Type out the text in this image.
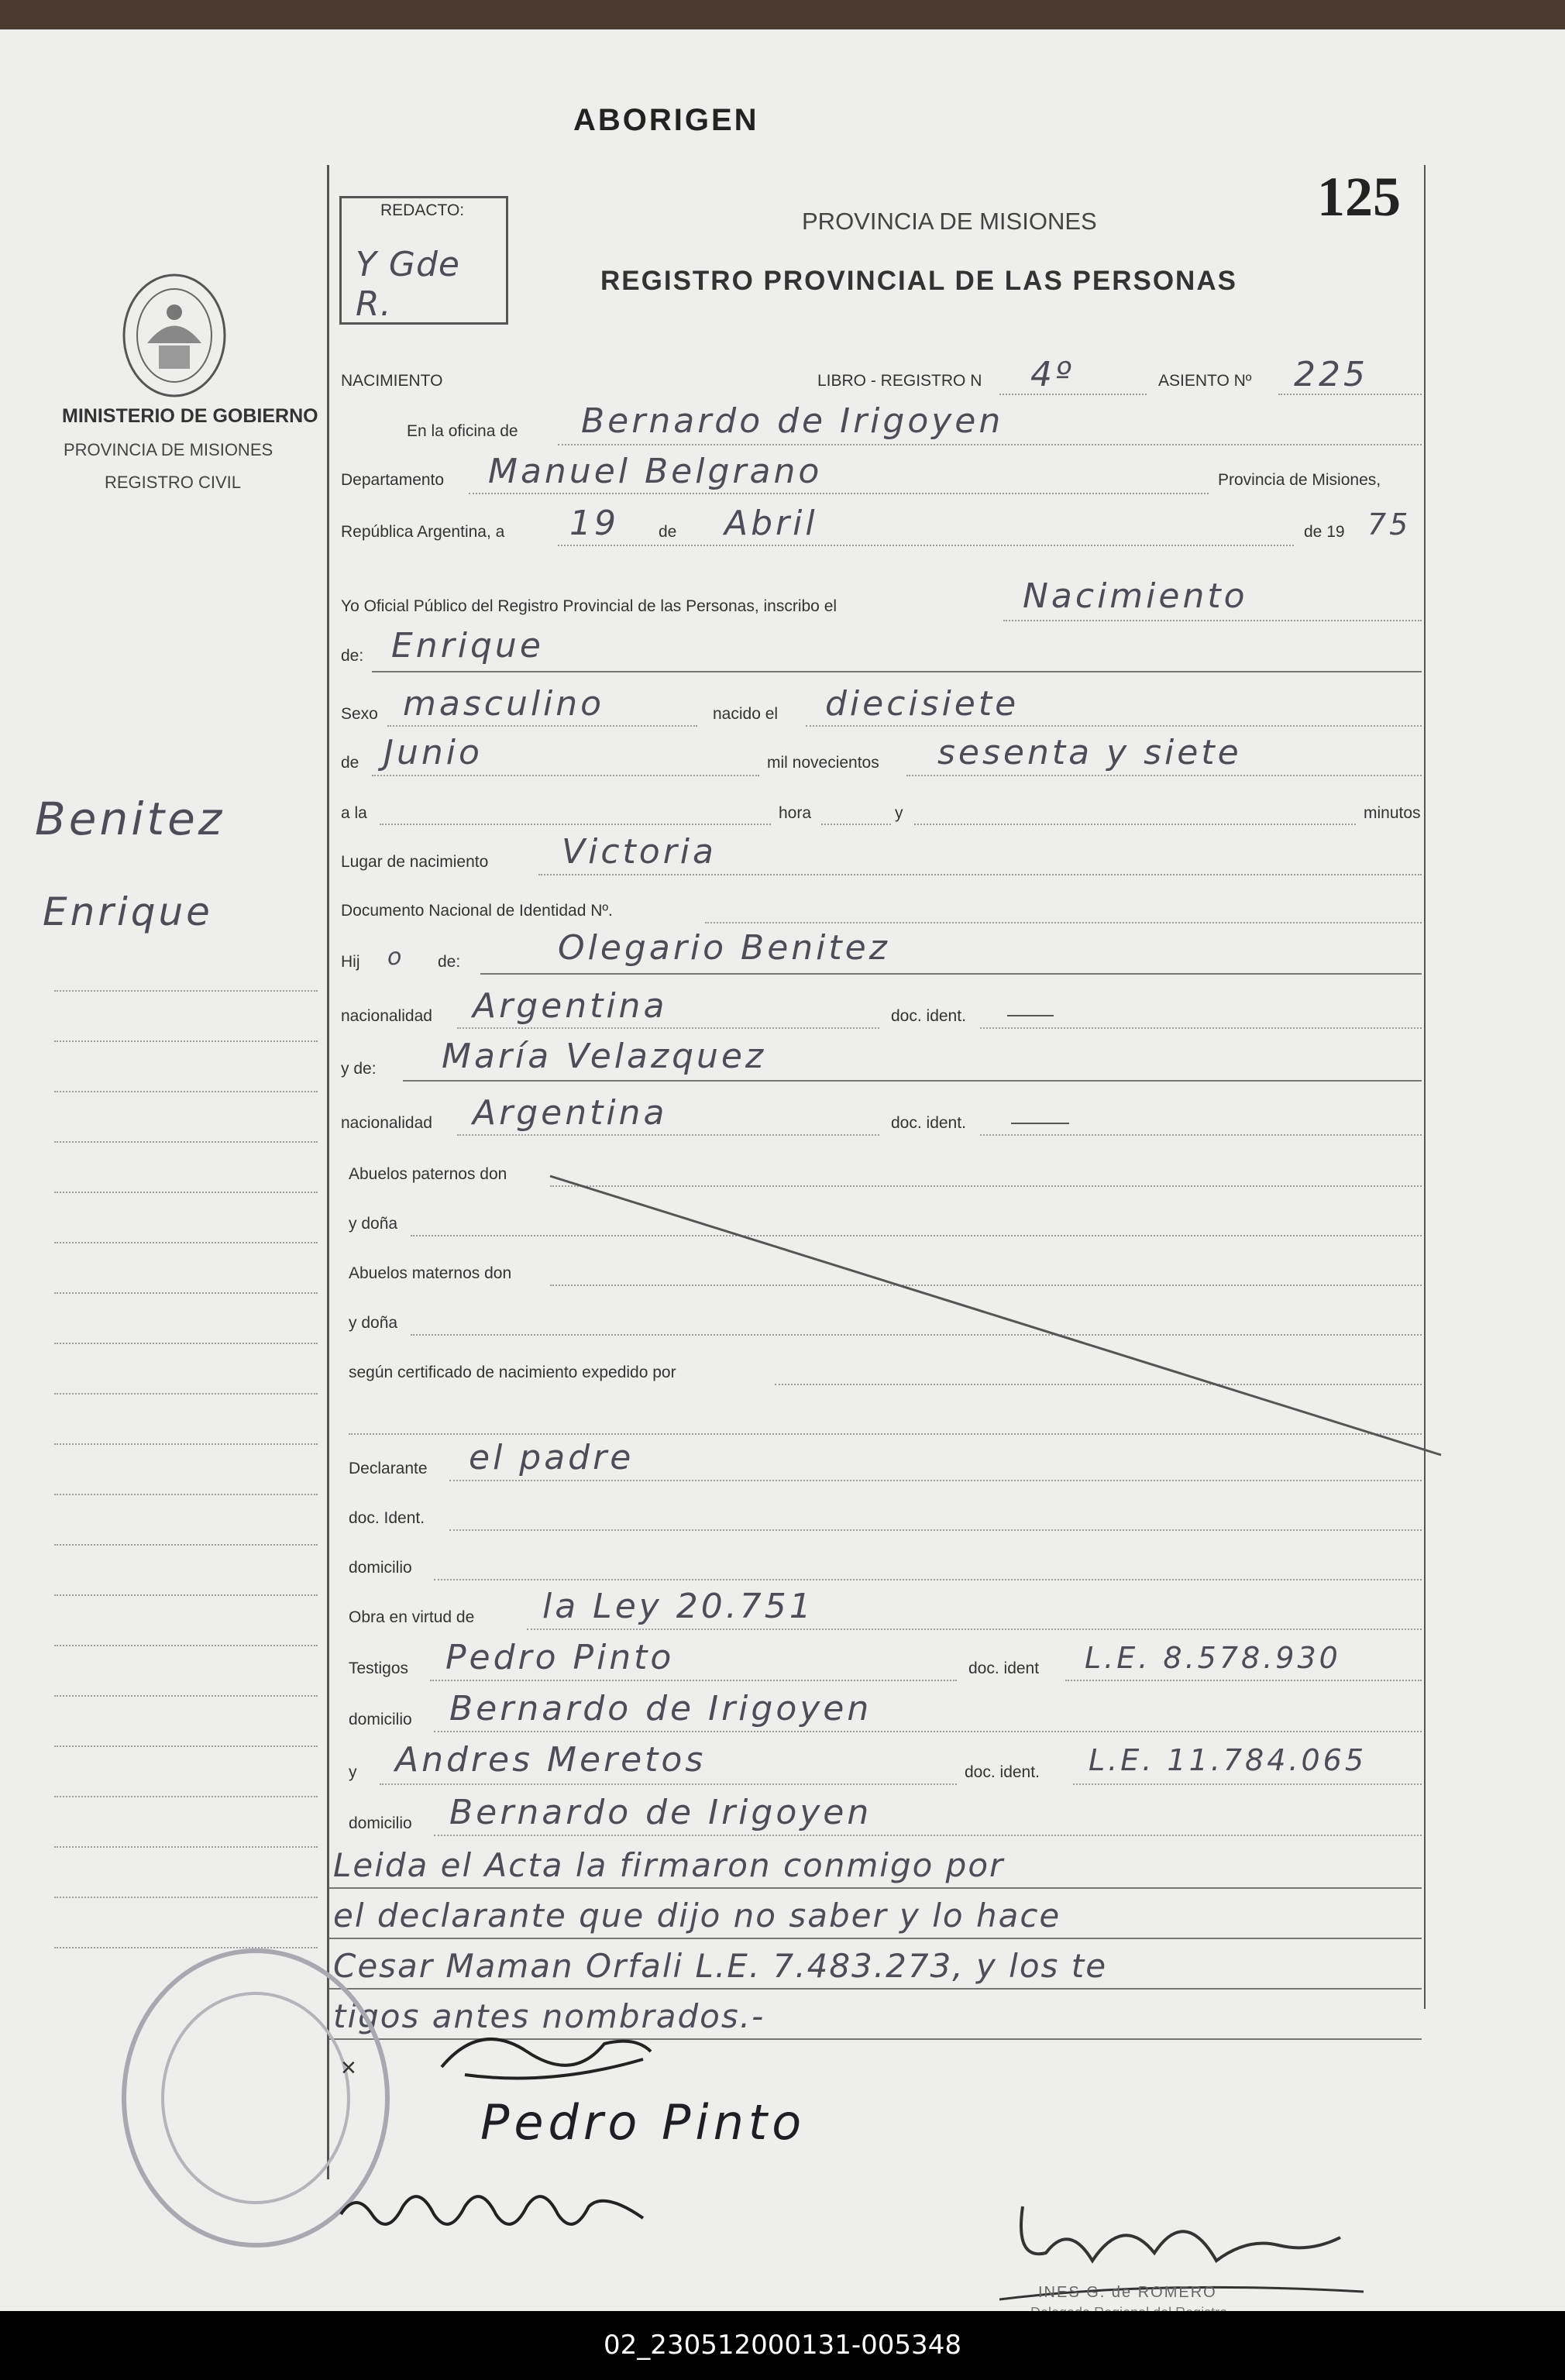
ABORIGEN
125
REDACTO:
Y Gde R.
PROVINCIA DE MISIONES
REGISTRO PROVINCIAL DE LAS PERSONAS
MINISTERIO DE GOBIERNO
PROVINCIA DE MISIONES
REGISTRO CIVIL
Benitez
Enrique
NACIMIENTO	LIBRO - REGISTRO N 4º	ASIENTO Nº 225
En la oficina de Bernardo de Irigoyen
Departamento Manuel Belgrano	Provincia de Misiones,
República Argentina, a 19 de Abril	de 19 75
Yo Oficial Público del Registro Provincial de las Personas, inscribo el	Nacimiento
de: Enrique
Sexo masculino	nacido el diecisiete
de Junio	mil novecientos sesenta y siete
a la	hora	y	minutos
Lugar de nacimiento Victoria
Documento Nacional de Identidad Nº.
Hij o de:	Olegario Benitez
nacionalidad Argentina	doc. ident.
y de: María Velazquez
nacionalidad Argentina	doc. ident.
Abuelos paternos don
y doña
Abuelos maternos don
y doña
según certificado de nacimiento expedido por
Declarante el padre
doc. Ident.
domicilio
Obra en virtud de la Ley 20.751
Testigos Pedro Pinto	doc. ident L.E. 8.578.930
domicilio Bernardo de Irigoyen
y Andres Meretos	doc. ident. L.E. 11.784.065
domicilio Bernardo de Irigoyen
Leida el Acta la firmaron conmigo por
el declarante que dijo no saber y lo hace
Cesar Maman Orfali L.E. 7.483.273, y los te
tigos antes nombrados.-
×
Pedro Pinto
INES G. de ROMERO
02_230512000131-005348
